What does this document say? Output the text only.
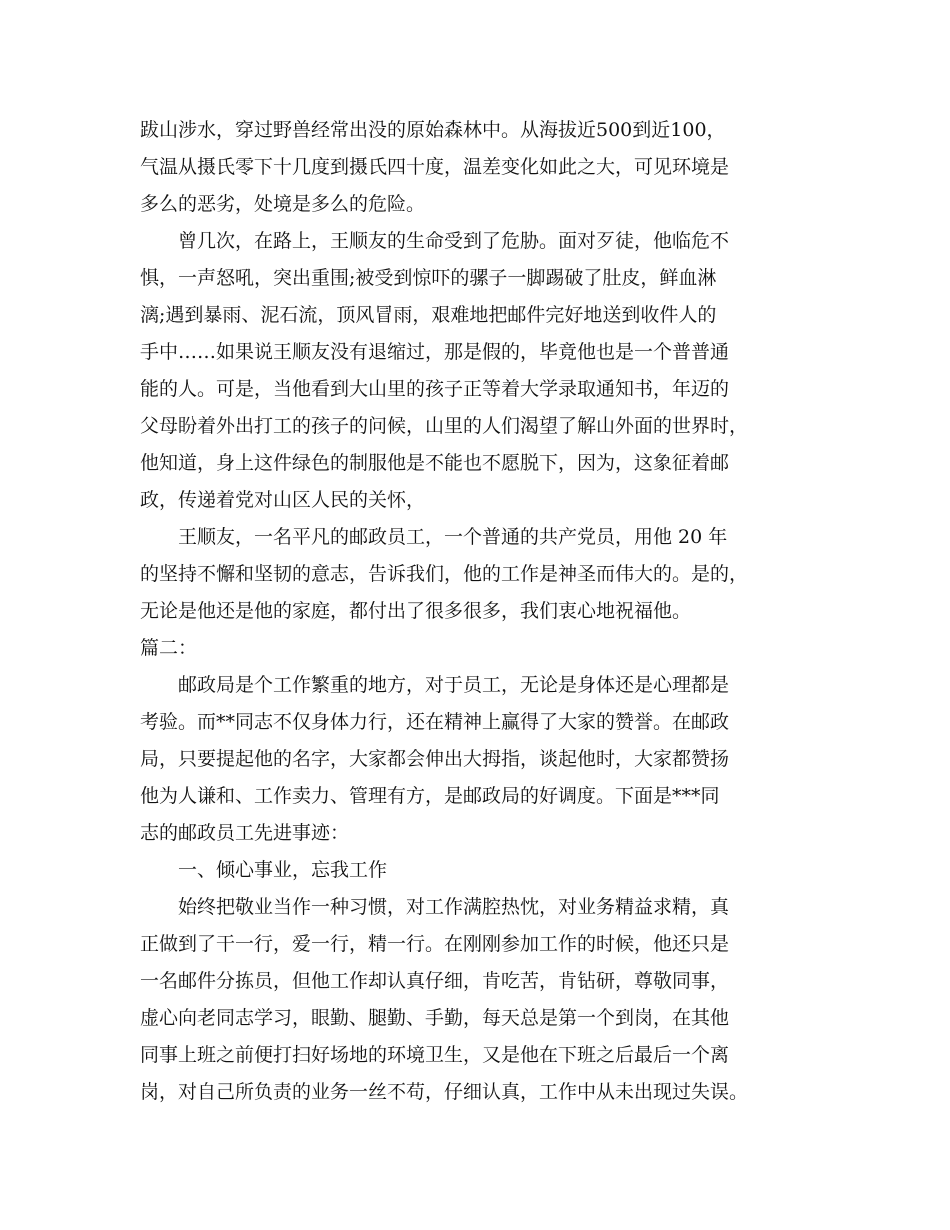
跋山涉水，穿过野兽经常出没的原始森林中。从海拔近500到近100，
气温从摄氏零下十几度到摄氏四十度，温差变化如此之大，可见环境是
多么的恶劣，处境是多么的危险。
曾几次，在路上，王顺友的生命受到了危胁。面对歹徒，他临危不
惧，一声怒吼，突出重围;被受到惊吓的骡子一脚踢破了肚皮，鲜血淋
漓;遇到暴雨、泥石流，顶风冒雨，艰难地把邮件完好地送到收件人的
手中……如果说王顺友没有退缩过，那是假的，毕竟他也是一个普普通
能的人。可是，当他看到大山里的孩子正等着大学录取通知书，年迈的
父母盼着外出打工的孩子的问候，山里的人们渴望了解山外面的世界时，
他知道，身上这件绿色的制服他是不能也不愿脱下，因为，这象征着邮
政，传递着党对山区人民的关怀，
王顺友，一名平凡的邮政员工，一个普通的共产党员，用他 20 年
的坚持不懈和坚韧的意志，告诉我们，他的工作是神圣而伟大的。是的，
无论是他还是他的家庭，都付出了很多很多，我们衷心地祝福他。
篇二：
邮政局是个工作繁重的地方，对于员工，无论是身体还是心理都是
考验。而**同志不仅身体力行，还在精神上赢得了大家的赞誉。在邮政
局，只要提起他的名字，大家都会伸出大拇指，谈起他时，大家都赞扬
他为人谦和、工作卖力、管理有方，是邮政局的好调度。下面是***同
志的邮政员工先进事迹：
一、倾心事业，忘我工作
始终把敬业当作一种习惯，对工作满腔热忱，对业务精益求精，真
正做到了干一行，爱一行，精一行。在刚刚参加工作的时候，他还只是
一名邮件分拣员，但他工作却认真仔细，肯吃苦，肯钻研，尊敬同事，
虚心向老同志学习，眼勤、腿勤、手勤，每天总是第一个到岗，在其他
同事上班之前便打扫好场地的环境卫生，又是他在下班之后最后一个离
岗，对自己所负责的业务一丝不苟，仔细认真，工作中从未出现过失误。
